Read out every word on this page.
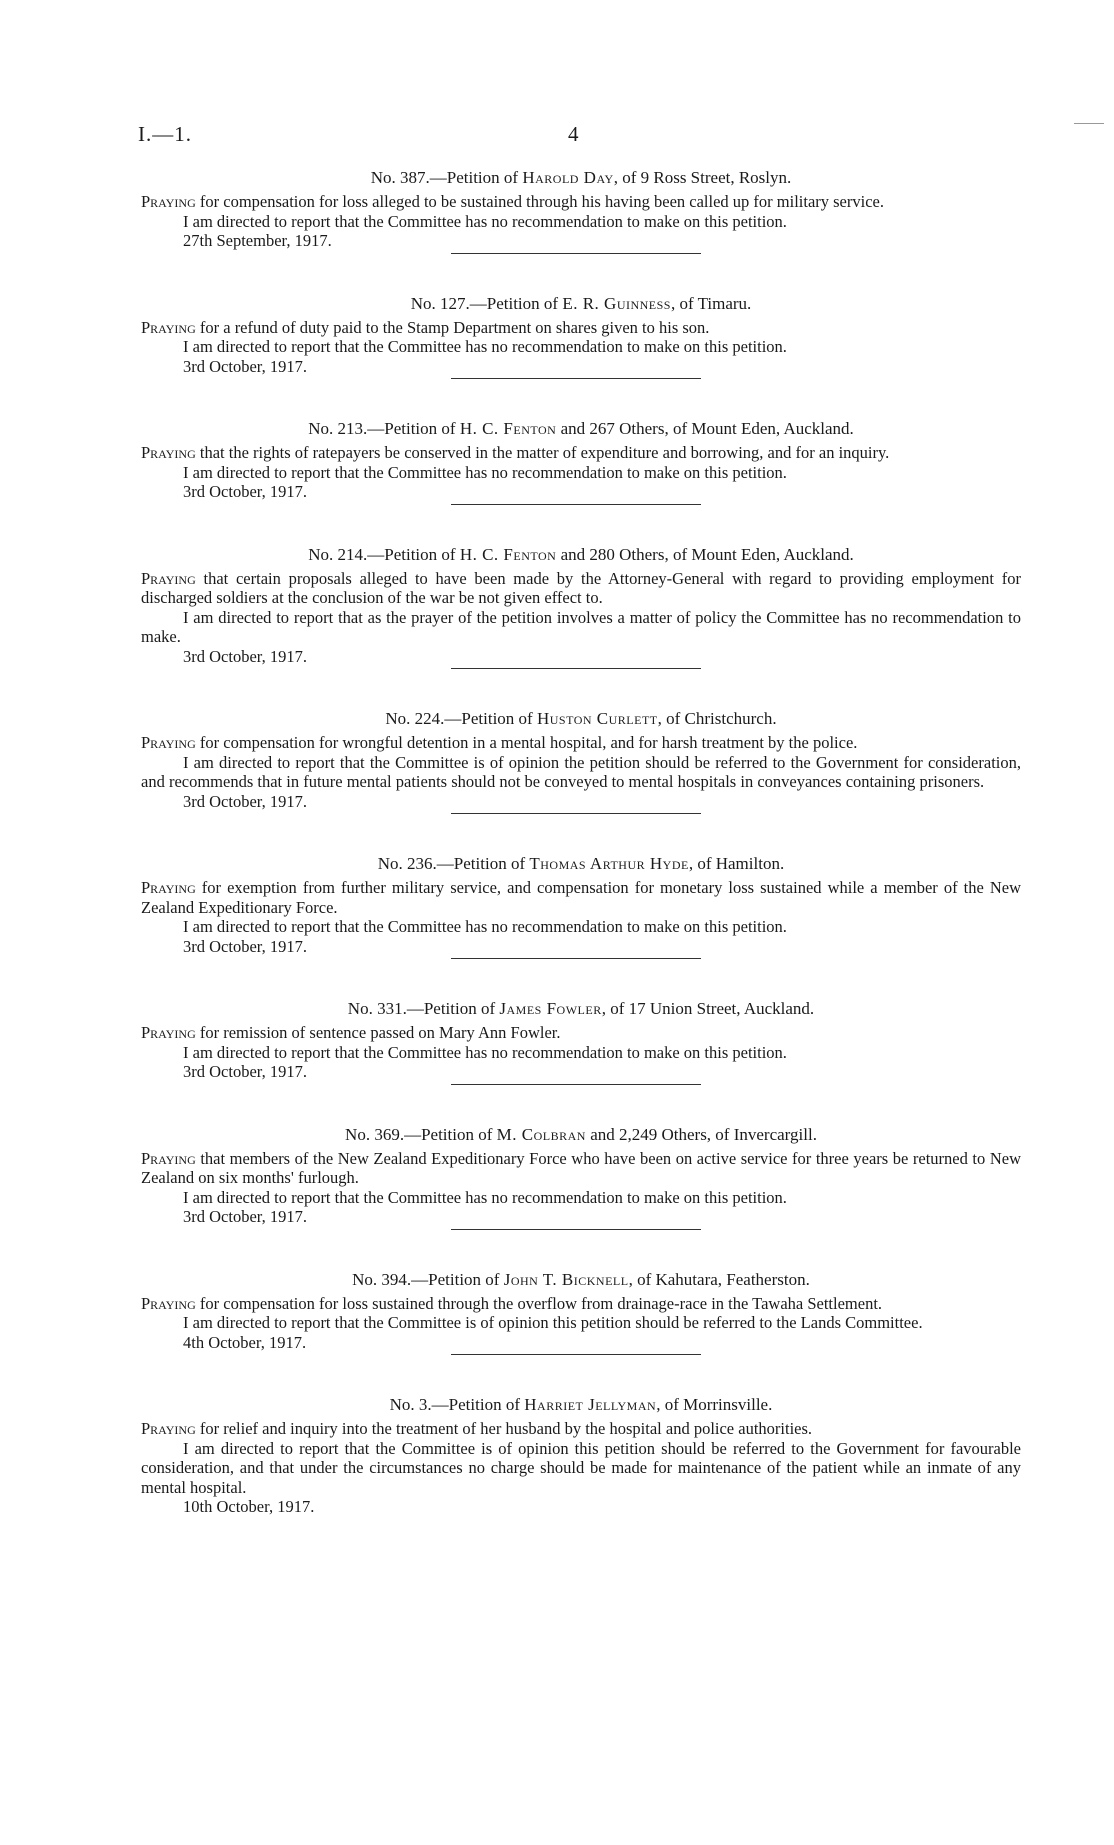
I.—1.	4

No. 387.—Petition of Harold Day, of 9 Ross Street, Roslyn.

Praying for compensation for loss alleged to be sustained through his having been called up for military service.

I am directed to report that the Committee has no recommendation to make on this petition.

27th September, 1917.

No. 127.—Petition of E. R. Guinness, of Timaru.

Praying for a refund of duty paid to the Stamp Department on shares given to his son.

I am directed to report that the Committee has no recommendation to make on this petition.

3rd October, 1917.

No. 213.—Petition of H. C. Fenton and 267 Others, of Mount Eden, Auckland.

Praying that the rights of ratepayers be conserved in the matter of expenditure and borrowing, and for an inquiry.

I am directed to report that the Committee has no recommendation to make on this petition.

3rd October, 1917.

No. 214.—Petition of H. C. Fenton and 280 Others, of Mount Eden, Auckland.

Praying that certain proposals alleged to have been made by the Attorney-General with regard to providing employment for discharged soldiers at the conclusion of the war be not given effect to.

I am directed to report that as the prayer of the petition involves a matter of policy the Committee has no recommendation to make.

3rd October, 1917.

No. 224.—Petition of Huston Curlett, of Christchurch.

Praying for compensation for wrongful detention in a mental hospital, and for harsh treatment by the police.

I am directed to report that the Committee is of opinion the petition should be referred to the Government for consideration, and recommends that in future mental patients should not be conveyed to mental hospitals in conveyances containing prisoners.

3rd October, 1917.

No. 236.—Petition of Thomas Arthur Hyde, of Hamilton.

Praying for exemption from further military service, and compensation for monetary loss sustained while a member of the New Zealand Expeditionary Force.

I am directed to report that the Committee has no recommendation to make on this petition.

3rd October, 1917.

No. 331.—Petition of James Fowler, of 17 Union Street, Auckland.

Praying for remission of sentence passed on Mary Ann Fowler.

I am directed to report that the Committee has no recommendation to make on this petition.

3rd October, 1917.

No. 369.—Petition of M. Colbran and 2,249 Others, of Invercargill.

Praying that members of the New Zealand Expeditionary Force who have been on active service for three years be returned to New Zealand on six months' furlough.

I am directed to report that the Committee has no recommendation to make on this petition.

3rd October, 1917.

No. 394.—Petition of John T. Bicknell, of Kahutara, Featherston.

Praying for compensation for loss sustained through the overflow from drainage-race in the Tawaha Settlement.

I am directed to report that the Committee is of opinion this petition should be referred to the Lands Committee.

4th October, 1917.

No. 3.—Petition of Harriet Jellyman, of Morrinsville.

Praying for relief and inquiry into the treatment of her husband by the hospital and police authorities.

I am directed to report that the Committee is of opinion this petition should be referred to the Government for favourable consideration, and that under the circumstances no charge should be made for maintenance of the patient while an inmate of any mental hospital.

10th October, 1917.
